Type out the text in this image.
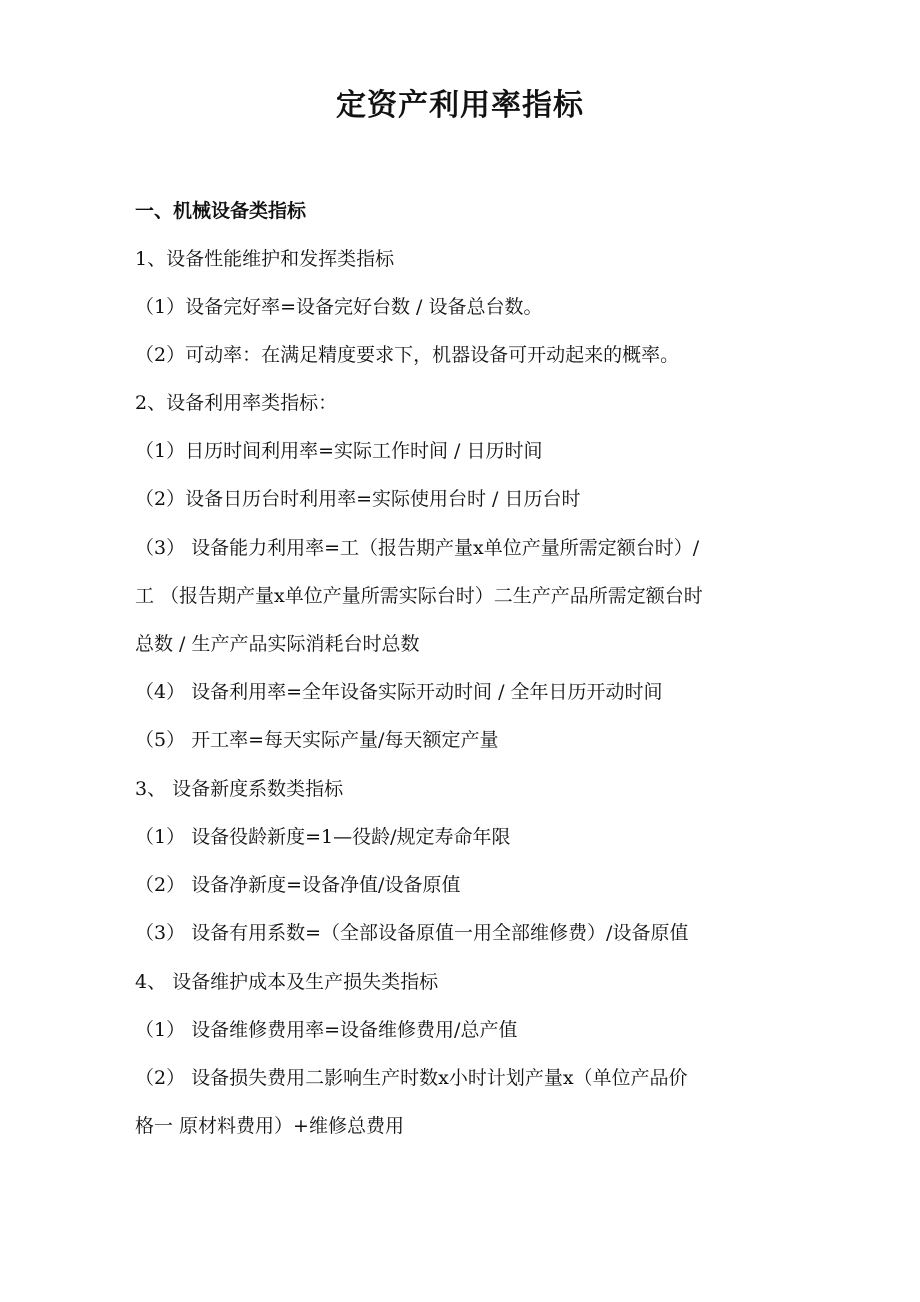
定资产利用率指标

一、机械设备类指标

1、设备性能维护和发挥类指标

（1）设备完好率=设备完好台数 / 设备总台数。

（2）可动率：在满足精度要求下，机器设备可开动起来的概率。

2、设备利用率类指标：

（1）日历时间利用率=实际工作时间 / 日历时间

（2）设备日历台时利用率=实际使用台时 / 日历台时

（3） 设备能力利用率=工（报告期产量x单位产量所需定额台时）/

工 （报告期产量x单位产量所需实际台时）二生产产品所需定额台时

总数 / 生产产品实际消耗台时总数

（4） 设备利用率=全年设备实际开动时间 / 全年日历开动时间

（5） 开工率=每天实际产量/每天额定产量

3、 设备新度系数类指标

（1） 设备役龄新度=1—役龄/规定寿命年限

（2） 设备净新度=设备净值/设备原值

（3） 设备有用系数=（全部设备原值一用全部维修费）/设备原值

4、 设备维护成本及生产损失类指标

（1） 设备维修费用率=设备维修费用/总产值

（2） 设备损失费用二影响生产时数x小时计划产量x（单位产品价

格一 原材料费用）+维修总费用
